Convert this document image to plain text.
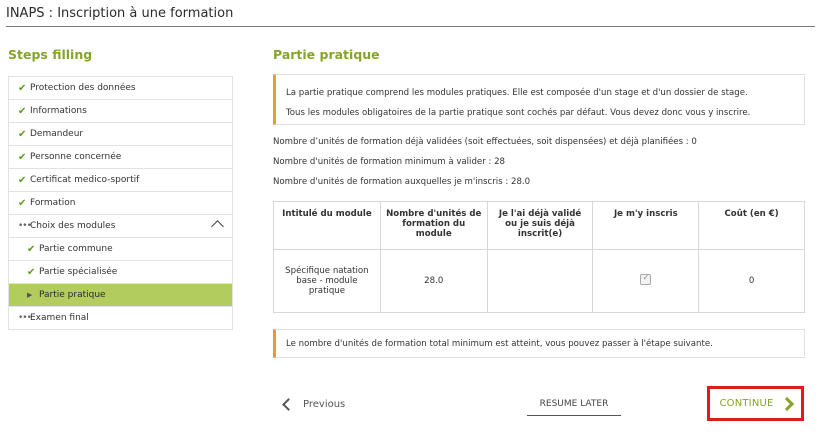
INAPS : Inscription à une formation
Steps filling
✔ Protection des données
✔ Informations
✔ Demandeur
✔ Personne concernée
✔ Certificat medico-sportif
✔ Formation
••• Choix des modules
✔ Partie commune
✔ Partie spécialisée
▶ Partie pratique
••• Examen final
Partie pratique

La partie pratique comprend les modules pratiques. Elle est composée d'un stage et d'un dossier de stage.

Tous les modules obligatoires de la partie pratique sont cochés par défaut. Vous devez donc vous y inscrire.

Nombre d’unités de formation déjà validées (soit effectuées, soit dispensées) et déjà planifiées : 0
Nombre d'unités de formation minimum à valider : 28
Nombre d'unités de formation auxquelles je m'inscris : 28.0
Intitulé du module	Nombre d'unités de formation du module	Je l'ai déjà validé ou je suis déjà inscrit(e)	Je m'y inscris	Coût (en €)
Spécifique natation base - module pratique	28.0		✓	0
Le nombre d'unités de formation total minimum est atteint, vous pouvez passer à l'étape suivante.
Previous	RESUME LATER	CONTINUE
